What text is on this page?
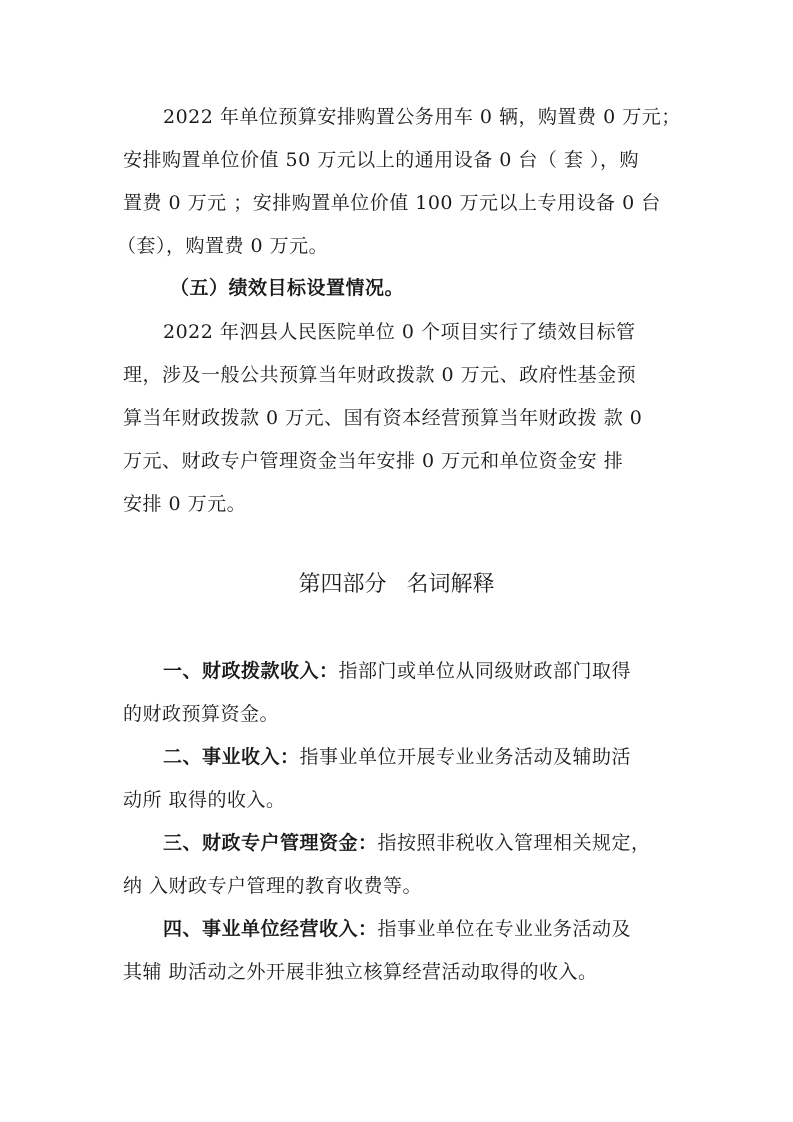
2022 年单位预算安排购置公务用车 0 辆，购置费 0 万元；
安排购置单位价值 50 万元以上的通用设备 0 台（ 套 ），购
置费 0 万元 ；安排购置单位价值 100 万元以上专用设备 0 台
（套），购置费 0 万元。
（五）绩效目标设置情况。
2022 年泗县人民医院单位 0 个项目实行了绩效目标管
理，涉及一般公共预算当年财政拨款 0 万元、政府性基金预
算当年财政拨款 0 万元、国有资本经营预算当年财政拨 款 0
万元、财政专户管理资金当年安排 0 万元和单位资金安 排
安排 0 万元。
第四部分 名词解释
一、财政拨款收入：指部门或单位从同级财政部门取得
的财政预算资金。
二、事业收入：指事业单位开展专业业务活动及辅助活
动所 取得的收入。
三、财政专户管理资金：指按照非税收入管理相关规定，
纳 入财政专户管理的教育收费等。
四、事业单位经营收入：指事业单位在专业业务活动及
其辅 助活动之外开展非独立核算经营活动取得的收入。
